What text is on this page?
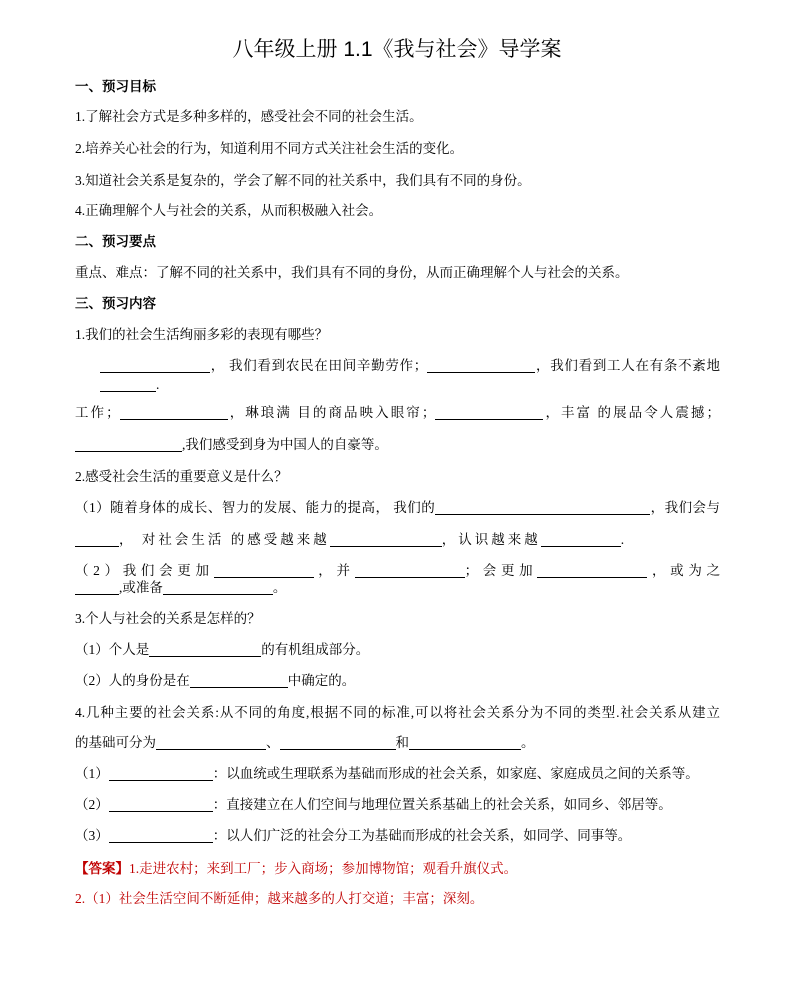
八年级上册 1.1《我与社会》导学案
一、预习目标
1.了解社会方式是多种多样的，感受社会不同的社会生活。
2.培养关心社会的行为，知道利用不同方式关注社会生活的变化。
3.知道社会关系是复杂的，学会了解不同的社关系中，我们具有不同的身份。
4.正确理解个人与社会的关系，从而积极融入社会。
二、预习要点
重点、难点：了解不同的社关系中，我们具有不同的身份，从而正确理解个人与社会的关系。
三、预习内容
1.我们的社会生活绚丽多彩的表现有哪些？
， 我们看到农民在田间辛勤劳作；	，我们看到工人在有条不紊地
.
工作；	，琳琅满 目的商品映入眼帘；	，丰富 的展品令人震撼；
,我们感受到身为中国人的自豪等。
2.感受社会生活的重要意义是什么？
（1）随着身体的成长、智力的发展、能力的提高， 我们的	，我们会与
， 对社会生活 的感受越来越	，认识越来越	.
（2）我们会更加	，并	；会更加	，或为之
,或准备	。
3.个人与社会的关系是怎样的？
（1）个人是	的有机组成部分。
（2）人的身份是在	中确定的。
4.几种主要的社会关系:从不同的角度,根据不同的标准,可以将社会关系分为不同的类型.社会关系从建立
的基础可分为	、	和	。
（1）	：以血统或生理联系为基础而形成的社会关系，如家庭、家庭成员之间的关系等。
（2）	：直接建立在人们空间与地理位置关系基础上的社会关系，如同乡、邻居等。
（3）	：以人们广泛的社会分工为基础而形成的社会关系，如同学、同事等。
【答案】1.走进农村；来到工厂；步入商场；参加博物馆；观看升旗仪式。
2.（1）社会生活空间不断延伸；越来越多的人打交道；丰富；深刻。
